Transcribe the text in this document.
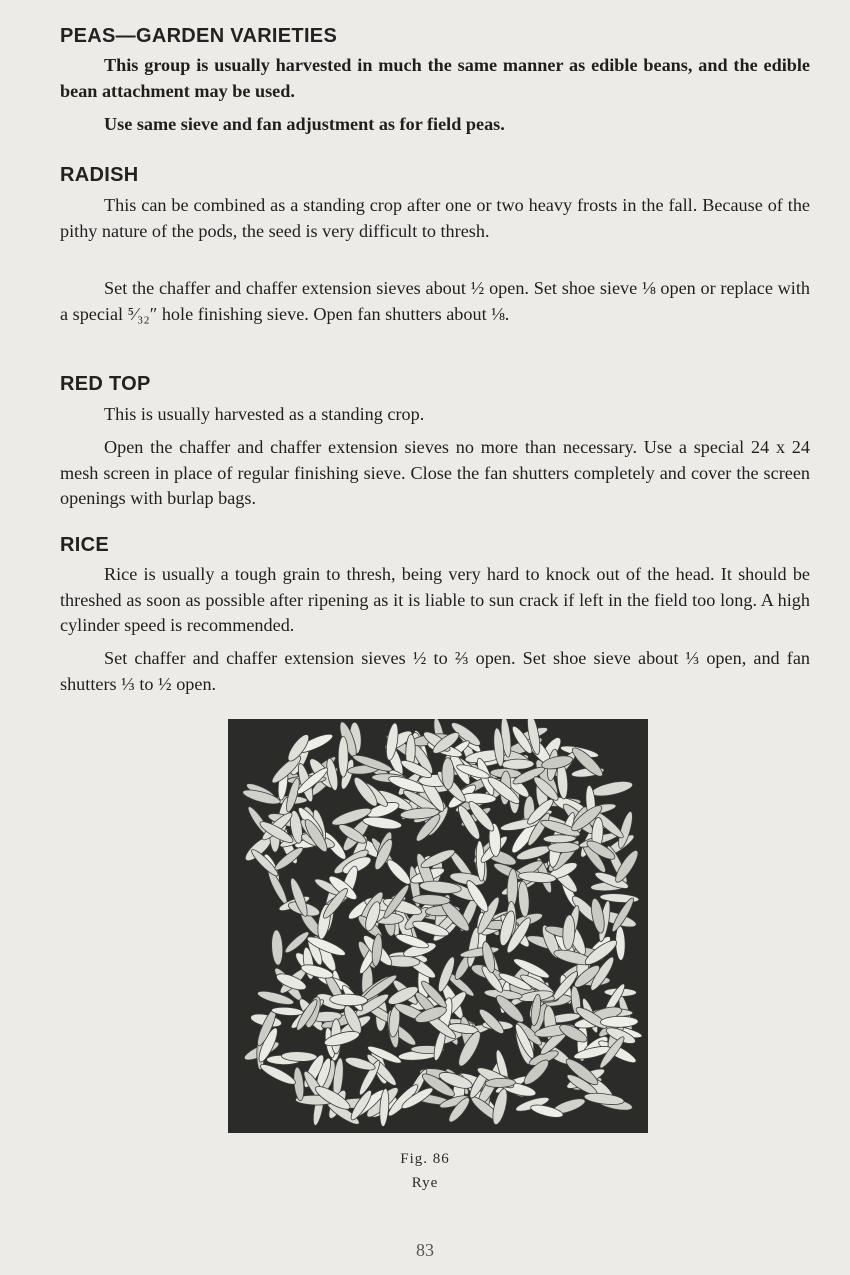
PEAS—GARDEN VARIETIES

This group is usually harvested in much the same manner as edible beans, and the edible bean attachment may be used.

Use same sieve and fan adjustment as for field peas.

RADISH

This can be combined as a standing crop after one or two heavy frosts in the fall. Because of the pithy nature of the pods, the seed is very difficult to thresh.

Set the chaffer and chaffer extension sieves about ½ open. Set shoe sieve ⅛ open or replace with a special ⁵⁄₃₂″ hole finishing sieve. Open fan shutters about ⅛.

RED TOP

This is usually harvested as a standing crop.

Open the chaffer and chaffer extension sieves no more than necessary. Use a special 24 x 24 mesh screen in place of regular finishing sieve. Close the fan shutters completely and cover the screen openings with burlap bags.

RICE

Rice is usually a tough grain to thresh, being very hard to knock out of the head. It should be threshed as soon as possible after ripening as it is liable to sun crack if left in the field too long. A high cylinder speed is recommended.

Set chaffer and chaffer extension sieves ½ to ⅔ open. Set shoe sieve about ⅓ open, and fan shutters ⅓ to ½ open.

Fig. 86

Rye

83
